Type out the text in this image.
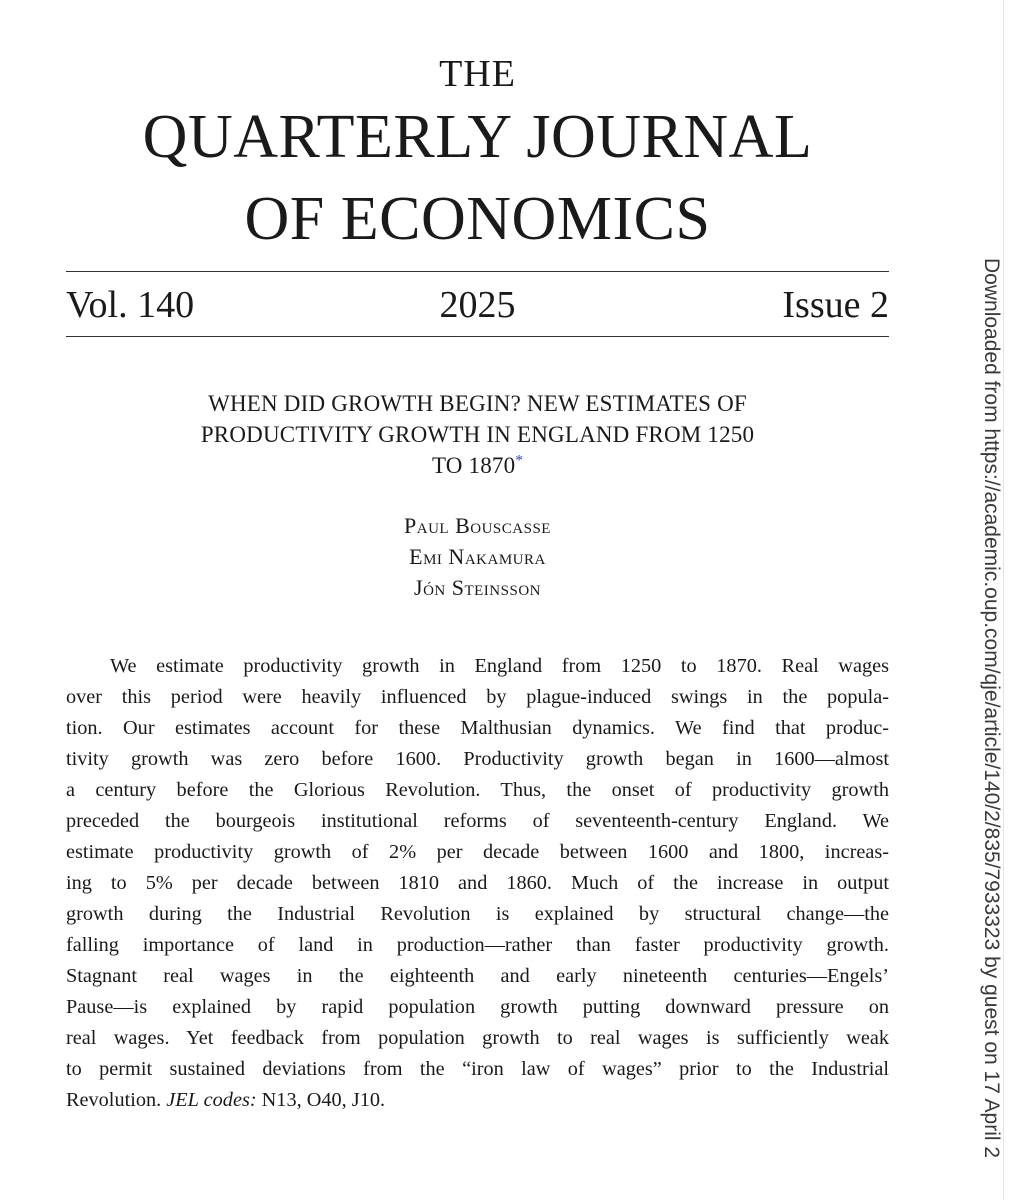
THE
QUARTERLY JOURNAL
OF ECONOMICS
Vol. 140	2025	Issue 2
WHEN DID GROWTH BEGIN? NEW ESTIMATES OF
PRODUCTIVITY GROWTH IN ENGLAND FROM 1250
TO 1870*
Paul Bouscasse
Emi Nakamura
Jón Steinsson
We estimate productivity growth in England from 1250 to 1870. Real wages
over this period were heavily influenced by plague-induced swings in the popula-
tion. Our estimates account for these Malthusian dynamics. We find that produc-
tivity growth was zero before 1600. Productivity growth began in 1600—almost
a century before the Glorious Revolution. Thus, the onset of productivity growth
preceded the bourgeois institutional reforms of seventeenth-century England. We
estimate productivity growth of 2% per decade between 1600 and 1800, increas-
ing to 5% per decade between 1810 and 1860. Much of the increase in output
growth during the Industrial Revolution is explained by structural change—the
falling importance of land in production—rather than faster productivity growth.
Stagnant real wages in the eighteenth and early nineteenth centuries—Engels’
Pause—is explained by rapid population growth putting downward pressure on
real wages. Yet feedback from population growth to real wages is sufficiently weak
to permit sustained deviations from the “iron law of wages” prior to the Industrial
Revolution. JEL codes: N13, O40, J10.	Downloaded from https://academic.oup.com/qje/article/140/2/835/7933323 by guest on 17 April 2
